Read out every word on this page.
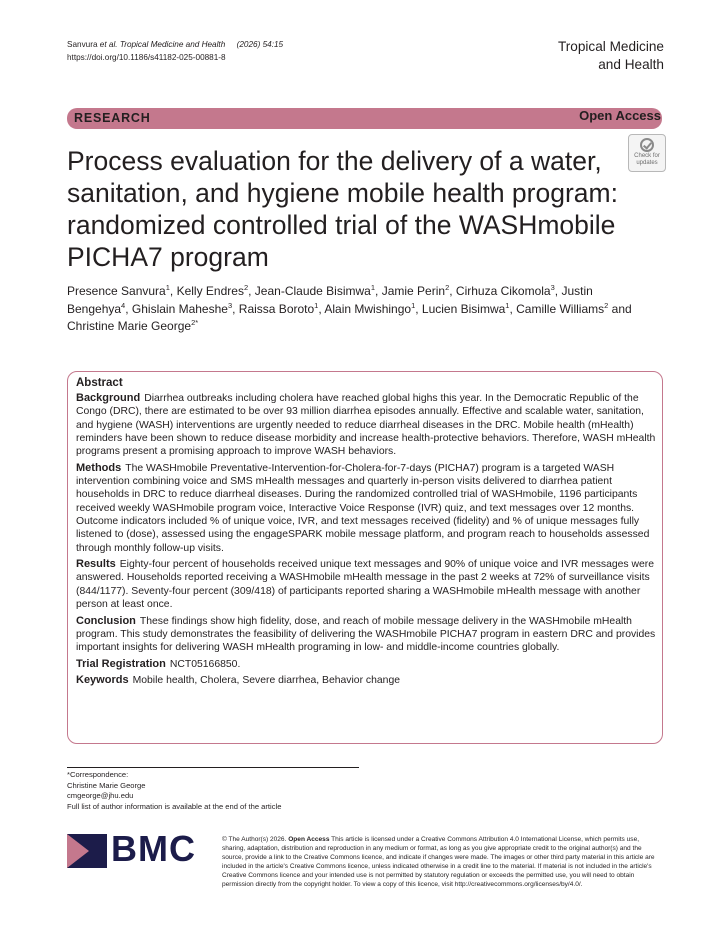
Sanvura et al. Tropical Medicine and Health (2026) 54:15
https://doi.org/10.1186/s41182-025-00881-8
Tropical Medicine
and Health
RESEARCH	Open Access
Process evaluation for the delivery of a water, sanitation, and hygiene mobile health program: randomized controlled trial of the WASHmobile PICHA7 program
Check for
updates
Presence Sanvura$^1$, Kelly Endres$^2$, Jean-Claude Bisimwa$^1$, Jamie Perin$^2$, Cirhuza Cikomola$^3$, Justin Bengehya$^4$, Ghislain Maheshe$^3$, Raissa Boroto$^1$, Alain Mwishingo$^1$, Lucien Bisimwa$^1$, Camille Williams$^2$ and Christine Marie George$^{2*}$
Abstract
Background Diarrhea outbreaks including cholera have reached global highs this year. In the Democratic Republic of the Congo (DRC), there are estimated to be over 93 million diarrhea episodes annually. Effective and scalable water, sanitation, and hygiene (WASH) interventions are urgently needed to reduce diarrheal diseases in the DRC. Mobile health (mHealth) reminders have been shown to reduce disease morbidity and increase health-protective behaviors. Therefore, WASH mHealth programs present a promising approach to improve WASH behaviors.
Methods The WASHmobile Preventative-Intervention-for-Cholera-for-7-days (PICHA7) program is a targeted WASH intervention combining voice and SMS mHealth messages and quarterly in-person visits delivered to diarrhea patient households in DRC to reduce diarrheal diseases. During the randomized controlled trial of WASHmobile, 1196 participants received weekly WASHmobile program voice, Interactive Voice Response (IVR) quiz, and text messages over 12 months. Outcome indicators included % of unique voice, IVR, and text messages received (fidelity) and % of unique messages fully listened to (dose), assessed using the engageSPARK mobile message platform, and program reach to households assessed through monthly follow-up visits.
Results Eighty-four percent of households received unique text messages and 90% of unique voice and IVR messages were answered. Households reported receiving a WASHmobile mHealth message in the past 2 weeks at 72% of surveillance visits (844/1177). Seventy-four percent (309/418) of participants reported sharing a WASHmobile mHealth message with another person at least once.
Conclusion These findings show high fidelity, dose, and reach of mobile message delivery in the WASHmobile mHealth program. This study demonstrates the feasibility of delivering the WASHmobile PICHA7 program in eastern DRC and provides important insights for delivering WASH mHealth programing in low- and middle-income countries globally.
Trial Registration NCT05166850.
Keywords Mobile health, Cholera, Severe diarrhea, Behavior change
*Correspondence:
Christine Marie George
cmgeorge@jhu.edu
Full list of author information is available at the end of the article
BMC	© The Author(s) 2026. Open Access This article is licensed under a Creative Commons Attribution 4.0 International License, which permits use, sharing, adaptation, distribution and reproduction in any medium or format, as long as you give appropriate credit to the original author(s) and the source, provide a link to the Creative Commons licence, and indicate if changes were made. The images or other third party material in this article are included in the article's Creative Commons licence, unless indicated otherwise in a credit line to the material. If material is not included in the article's Creative Commons licence and your intended use is not permitted by statutory regulation or exceeds the permitted use, you will need to obtain permission directly from the copyright holder. To view a copy of this licence, visit http://creativecommons.org/licenses/by/4.0/.
